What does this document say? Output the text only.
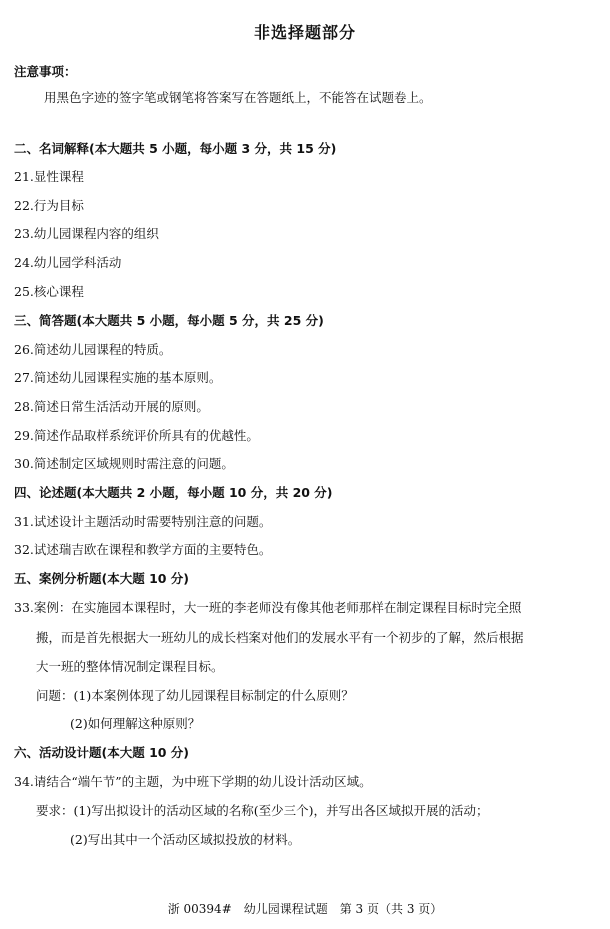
非选择题部分
注意事项：
用黑色字迹的签字笔或钢笔将答案写在答题纸上，不能答在试题卷上。
二、名词解释(本大题共 5 小题，每小题 3 分，共 15 分)
21.显性课程
22.行为目标
23.幼儿园课程内容的组织
24.幼儿园学科活动
25.核心课程
三、简答题(本大题共 5 小题，每小题 5 分，共 25 分)
26.简述幼儿园课程的特质。
27.简述幼儿园课程实施的基本原则。
28.简述日常生活活动开展的原则。
29.简述作品取样系统评价所具有的优越性。
30.简述制定区域规则时需注意的问题。
四、论述题(本大题共 2 小题，每小题 10 分，共 20 分)
31.试述设计主题活动时需要特别注意的问题。
32.试述瑞吉欧在课程和教学方面的主要特色。
五、案例分析题(本大题 10 分)
33.案例：在实施园本课程时，大一班的李老师没有像其他老师那样在制定课程目标时完全照
搬，而是首先根据大一班幼儿的成长档案对他们的发展水平有一个初步的了解，然后根据
大一班的整体情况制定课程目标。
问题：(1)本案例体现了幼儿园课程目标制定的什么原则？
(2)如何理解这种原则？
六、活动设计题(本大题 10 分)
34.请结合“端午节”的主题，为中班下学期的幼儿设计活动区域。
要求：(1)写出拟设计的活动区域的名称(至少三个)，并写出各区域拟开展的活动；
(2)写出其中一个活动区域拟投放的材料。
浙 00394#　幼儿园课程试题　第 3 页（共 3 页）
